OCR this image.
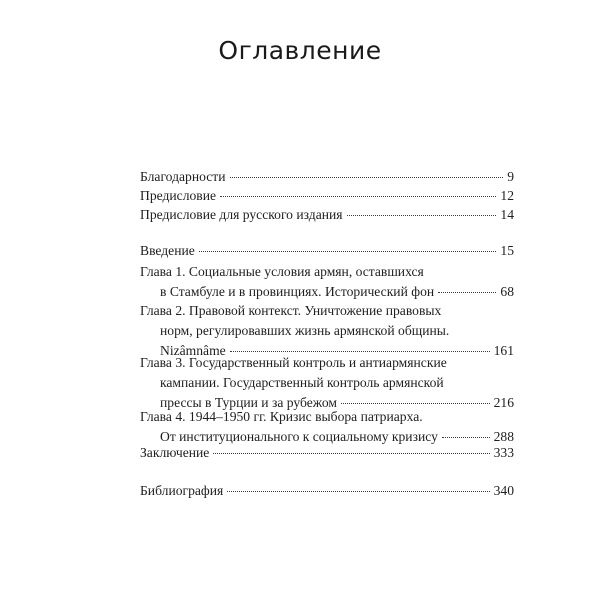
Оглавление
Благодарности	9
Предисловие	12
Предисловие для русского издания	14
Введение	15
Глава 1. Социальные условия армян, оставшихся
в Стамбуле и в провинциях. Исторический фон	68
Глава 2. Правовой контекст. Уничтожение правовых
норм, регулировавших жизнь армянской общины.
Nizâmnâme	161
Глава 3. Государственный контроль и антиармянские
кампании. Государственный контроль армянской
прессы в Турции и за рубежом	216
Глава 4. 1944–1950 гг. Кризис выбора патриарха.
От институционального к социальному кризису	288
Заключение	333
Библиография	340
